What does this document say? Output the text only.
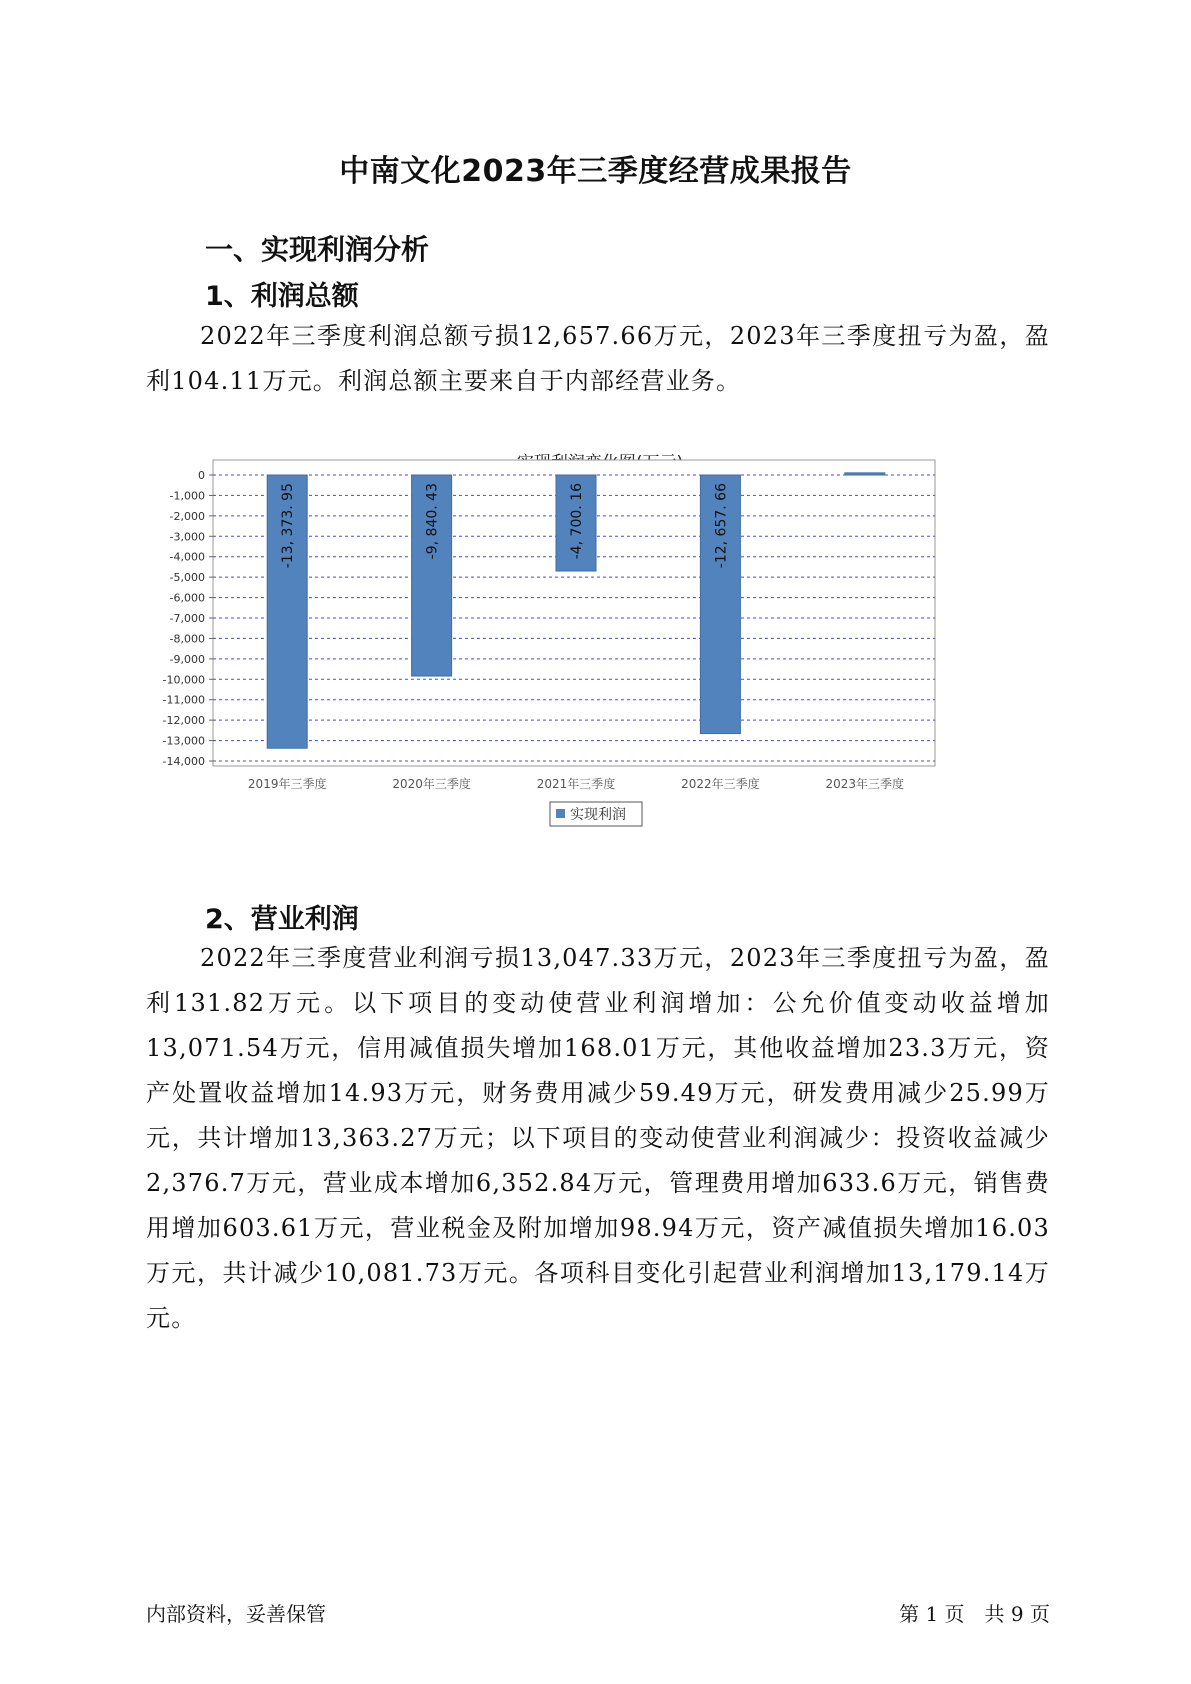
中南文化2023年三季度经营成果报告
一、实现利润分析
1、利润总额
2022年三季度利润总额亏损12,657.66万元，2023年三季度扭亏为盈，盈利104.11万元。利润总额主要来自于内部经营业务。
0
-1,000
-2,000
-3,000
-4,000
-5,000
-6,000
-7,000
-8,000
-9,000
-10,000
-11,000
-12,000
-13,000
-14,000
2019年三季度	2020年三季度	2021年三季度	2022年三季度	2023年三季度
-13, 373. 95	-9, 840. 43	-4, 700. 16	-12, 657. 66
实现利润
2、营业利润
2022年三季度营业利润亏损13,047.33万元，2023年三季度扭亏为盈，盈利131.82万元。以下项目的变动使营业利润增加：公允价值变动收益增加13,071.54万元，信用减值损失增加168.01万元，其他收益增加23.3万元，资产处置收益增加14.93万元，财务费用减少59.49万元，研发费用减少25.99万元，共计增加13,363.27万元；以下项目的变动使营业利润减少：投资收益减少2,376.7万元，营业成本增加6,352.84万元，管理费用增加633.6万元，销售费用增加603.61万元，营业税金及附加增加98.94万元，资产减值损失增加16.03万元，共计减少10,081.73万元。各项科目变化引起营业利润增加13,179.14万元。
内部资料，妥善保管	第 1 页　共 9 页
